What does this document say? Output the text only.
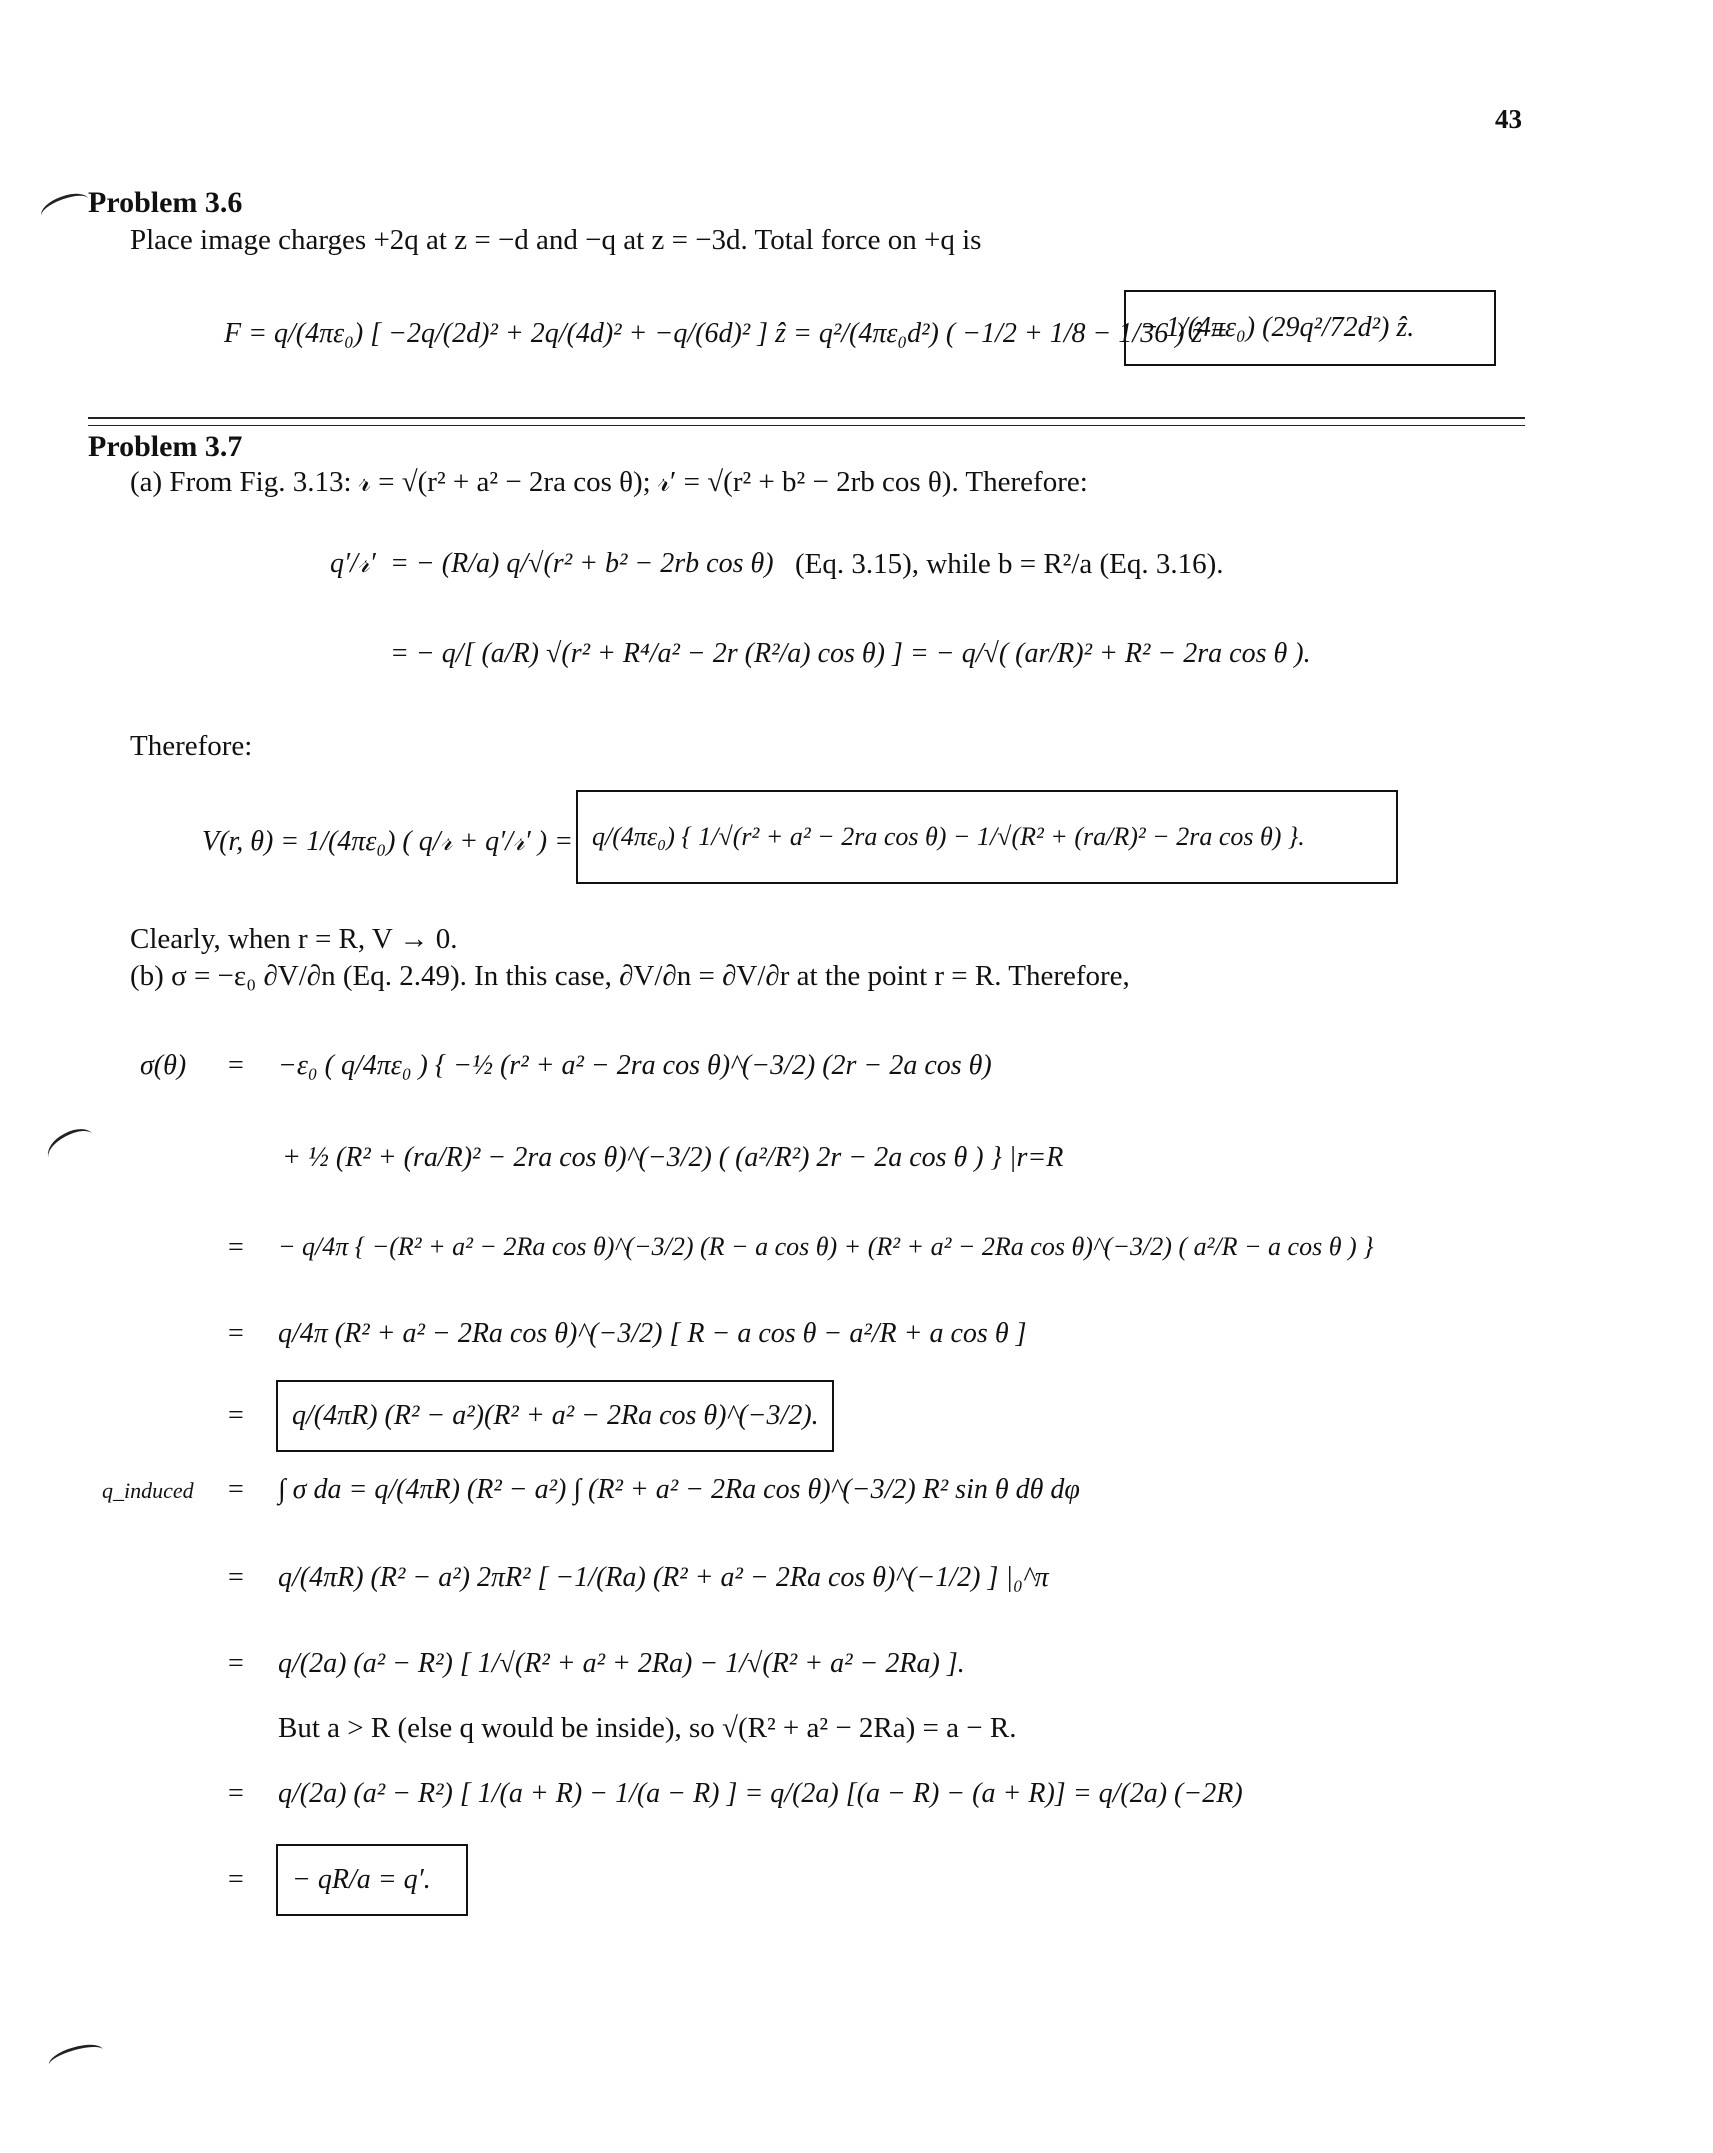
43
Problem 3.6
Place image charges +2q at z = −d and −q at z = −3d. Total force on +q is
F = q/(4πε₀) [ −2q/(2d)² + 2q/(4d)² + −q/(6d)² ] ẑ = q²/(4πε₀d²) ( −1/2 + 1/8 − 1/36 ) ẑ =
− 1/(4πε₀) (29q²/72d²) ẑ.
Problem 3.7
(a) From Fig. 3.13: 𝓇 = √(r² + a² − 2ra cos θ); 𝓇′ = √(r² + b² − 2rb cos θ). Therefore:
q′/𝓇′ = − (R/a) q/√(r² + b² − 2rb cos θ) (Eq. 3.15), while b = R²/a (Eq. 3.16).
= − q/[ (a/R) √(r² + R⁴/a² − 2r (R²/a) cos θ) ] = − q/√( (ar/R)² + R² − 2ra cos θ ).
Therefore:
V(r, θ) = 1/(4πε₀) ( q/𝓇 + q′/𝓇′ ) = q/(4πε₀) { 1/√(r² + a² − 2ra cos θ) − 1/√(R² + (ra/R)² − 2ra cos θ) }.
Clearly, when r = R, V → 0.
(b) σ = −ε₀ ∂V/∂n (Eq. 2.49). In this case, ∂V/∂n = ∂V/∂r at the point r = R. Therefore,
σ(θ) = −ε₀ ( q/4πε₀ ) { −½ (r² + a² − 2ra cos θ)^(−3/2) (2r − 2a cos θ)
+ ½ (R² + (ra/R)² − 2ra cos θ)^(−3/2) ( (a²/R²) 2r − 2a cos θ ) } |r=R
= − q/4π { −(R² + a² − 2Ra cos θ)^(−3/2) (R − a cos θ) + (R² + a² − 2Ra cos θ)^(−3/2) ( a²/R − a cos θ ) }
= q/4π (R² + a² − 2Ra cos θ)^(−3/2) [ R − a cos θ − a²/R + a cos θ ]
=	q/(4πR) (R² − a²)(R² + a² − 2Ra cos θ)^(−3/2).
q_induced = ∫ σ da = q/(4πR) (R² − a²) ∫ (R² + a² − 2Ra cos θ)^(−3/2) R² sin θ dθ dφ
= q/(4πR) (R² − a²) 2πR² [ −1/(Ra) (R² + a² − 2Ra cos θ)^(−1/2) ] |₀^π
= q/(2a) (a² − R²) [ 1/√(R² + a² + 2Ra) − 1/√(R² + a² − 2Ra) ].
But a > R (else q would be inside), so √(R² + a² − 2Ra) = a − R.
= q/(2a) (a² − R²) [ 1/(a + R) − 1/(a − R) ] = q/(2a) [(a − R) − (a + R)] = q/(2a) (−2R)
=	− qR/a = q′.
